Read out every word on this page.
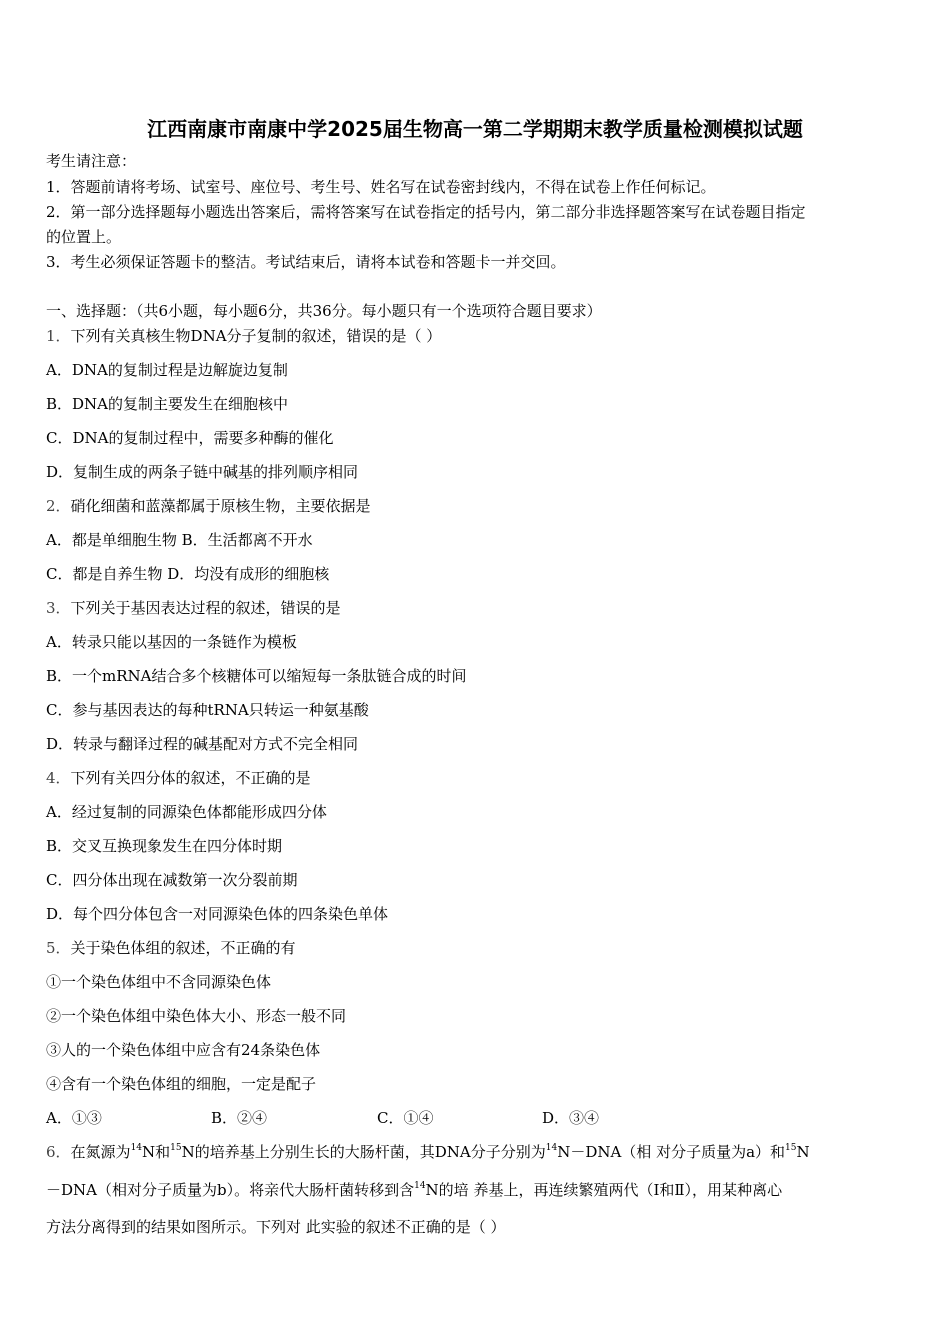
江西南康市南康中学2025届生物高一第二学期期末教学质量检测模拟试题
考生请注意：
1．答题前请将考场、试室号、座位号、考生号、姓名写在试卷密封线内，不得在试卷上作任何标记。
2．第一部分选择题每小题选出答案后，需将答案写在试卷指定的括号内，第二部分非选择题答案写在试卷题目指定
的位置上。
3．考生必须保证答题卡的整洁。考试结束后，请将本试卷和答题卡一并交回。
一、选择题：（共6小题，每小题6分，共36分。每小题只有一个选项符合题目要求）
1．下列有关真核生物DNA分子复制的叙述，错误的是（ ）
A．DNA的复制过程是边解旋边复制
B．DNA的复制主要发生在细胞核中
C．DNA的复制过程中，需要多种酶的催化
D．复制生成的两条子链中碱基的排列顺序相同
2．硝化细菌和蓝藻都属于原核生物，主要依据是
A．都是单细胞生物 B．生活都离不开水
C．都是自养生物 D．均没有成形的细胞核
3．下列关于基因表达过程的叙述，错误的是
A．转录只能以基因的一条链作为模板
B．一个mRNA结合多个核糖体可以缩短每一条肽链合成的时间
C．参与基因表达的每种tRNA只转运一种氨基酸
D．转录与翻译过程的碱基配对方式不完全相同
4．下列有关四分体的叙述，不正确的是
A．经过复制的同源染色体都能形成四分体
B．交叉互换现象发生在四分体时期
C．四分体出现在减数第一次分裂前期
D．每个四分体包含一对同源染色体的四条染色单体
5．关于染色体组的叙述，不正确的有
①一个染色体组中不含同源染色体
②一个染色体组中染色体大小、形态一般不同
③人的一个染色体组中应含有24条染色体
④含有一个染色体组的细胞，一定是配子
A．①③	B．②④	C．①④	D．③④
6．在氮源为$^{14}$N和$^{15}$N的培养基上分别生长的大肠杆菌，其DNA分子分别为$^{14}$N－DNA（相 对分子质量为a）和$^{15}$N
－DNA（相对分子质量为b）。将亲代大肠杆菌转移到含$^{14}$N的培 养基上，再连续繁殖两代（Ⅰ和Ⅱ），用某种离心
方法分离得到的结果如图所示。下列对 此实验的叙述不正确的是（ ）
